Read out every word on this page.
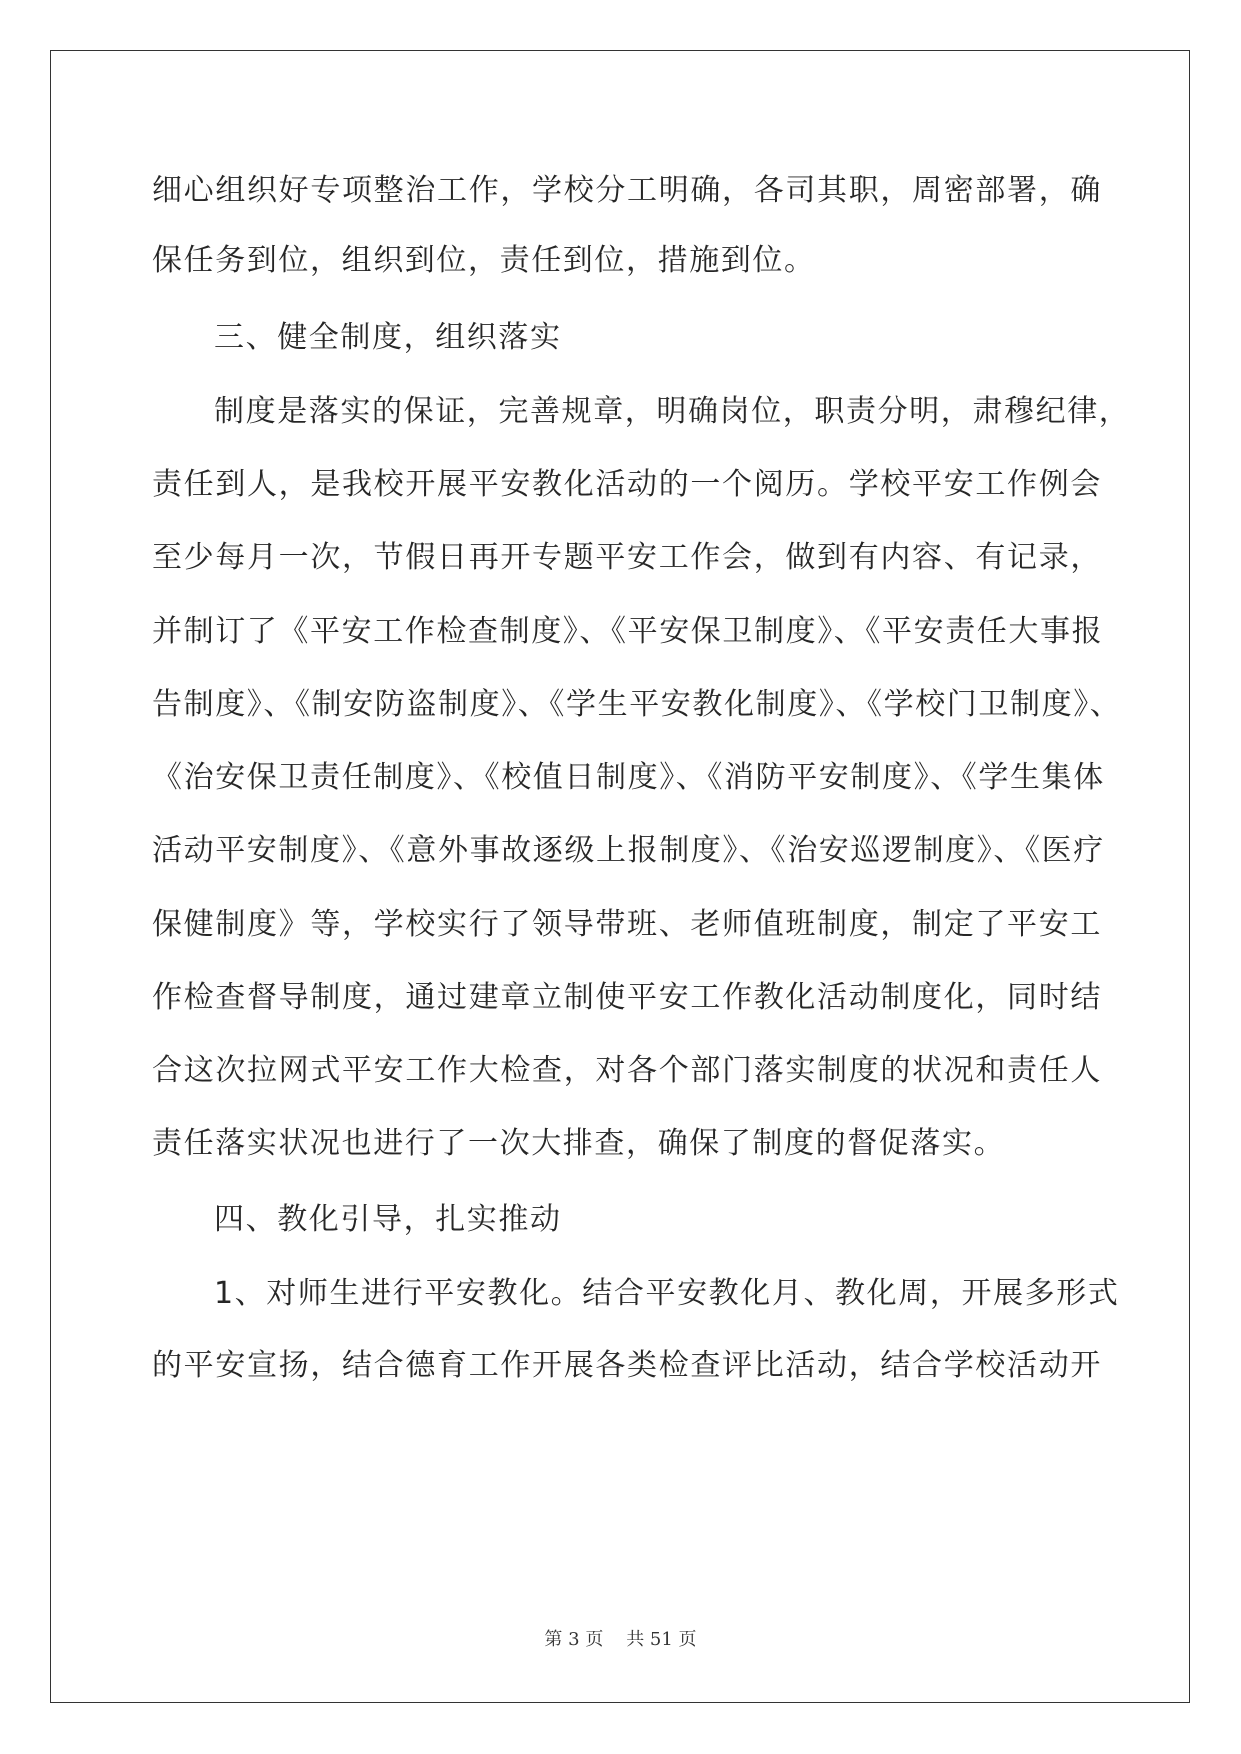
细心组织好专项整治工作，学校分工明确，各司其职，周密部署，确
保任务到位，组织到位，责任到位，措施到位。
三、健全制度，组织落实
制度是落实的保证，完善规章，明确岗位，职责分明，肃穆纪律，
责任到人，是我校开展平安教化活动的一个阅历。学校平安工作例会
至少每月一次，节假日再开专题平安工作会，做到有内容、有记录，
并制订了《平安工作检查制度》、《平安保卫制度》、《平安责任大事报
告制度》、《制安防盗制度》、《学生平安教化制度》、《学校门卫制度》、
《治安保卫责任制度》、《校值日制度》、《消防平安制度》、《学生集体
活动平安制度》、《意外事故逐级上报制度》、《治安巡逻制度》、《医疗
保健制度》等，学校实行了领导带班、老师值班制度，制定了平安工
作检查督导制度，通过建章立制使平安工作教化活动制度化，同时结
合这次拉网式平安工作大检查，对各个部门落实制度的状况和责任人
责任落实状况也进行了一次大排查，确保了制度的督促落实。
四、教化引导，扎实推动
1、对师生进行平安教化。结合平安教化月、教化周，开展多形式
的平安宣扬，结合德育工作开展各类检查评比活动，结合学校活动开
第 3 页    共 51 页
